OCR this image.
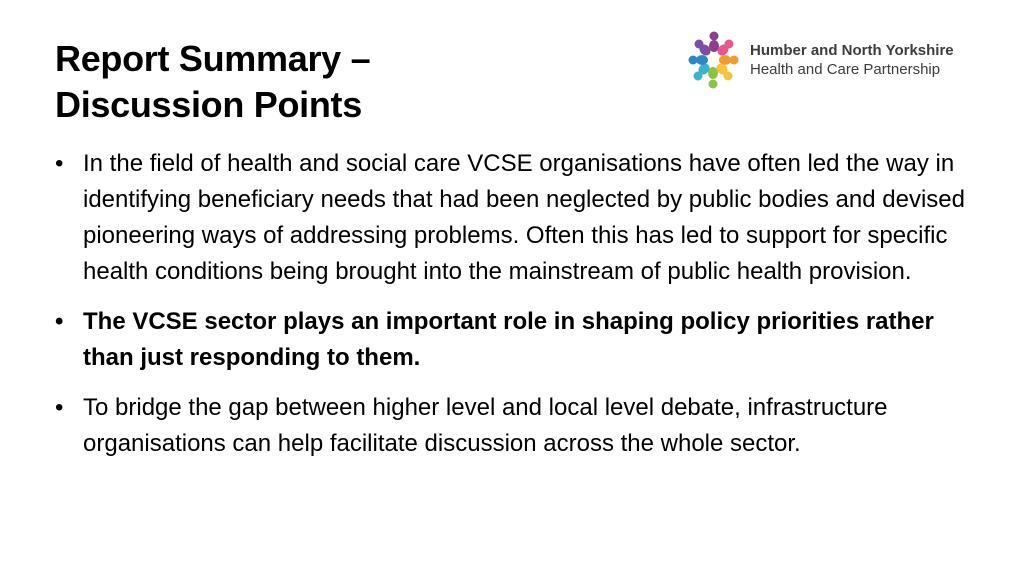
Report Summary –
Discussion Points
Humber and North Yorkshire
Health and Care Partnership
• In the field of health and social care VCSE organisations have often led the way in identifying beneficiary needs that had been neglected by public bodies and devised pioneering ways of addressing problems. Often this has led to support for specific health conditions being brought into the mainstream of public health provision.
• The VCSE sector plays an important role in shaping policy priorities rather than just responding to them.
• To bridge the gap between higher level and local level debate, infrastructure organisations can help facilitate discussion across the whole sector.
